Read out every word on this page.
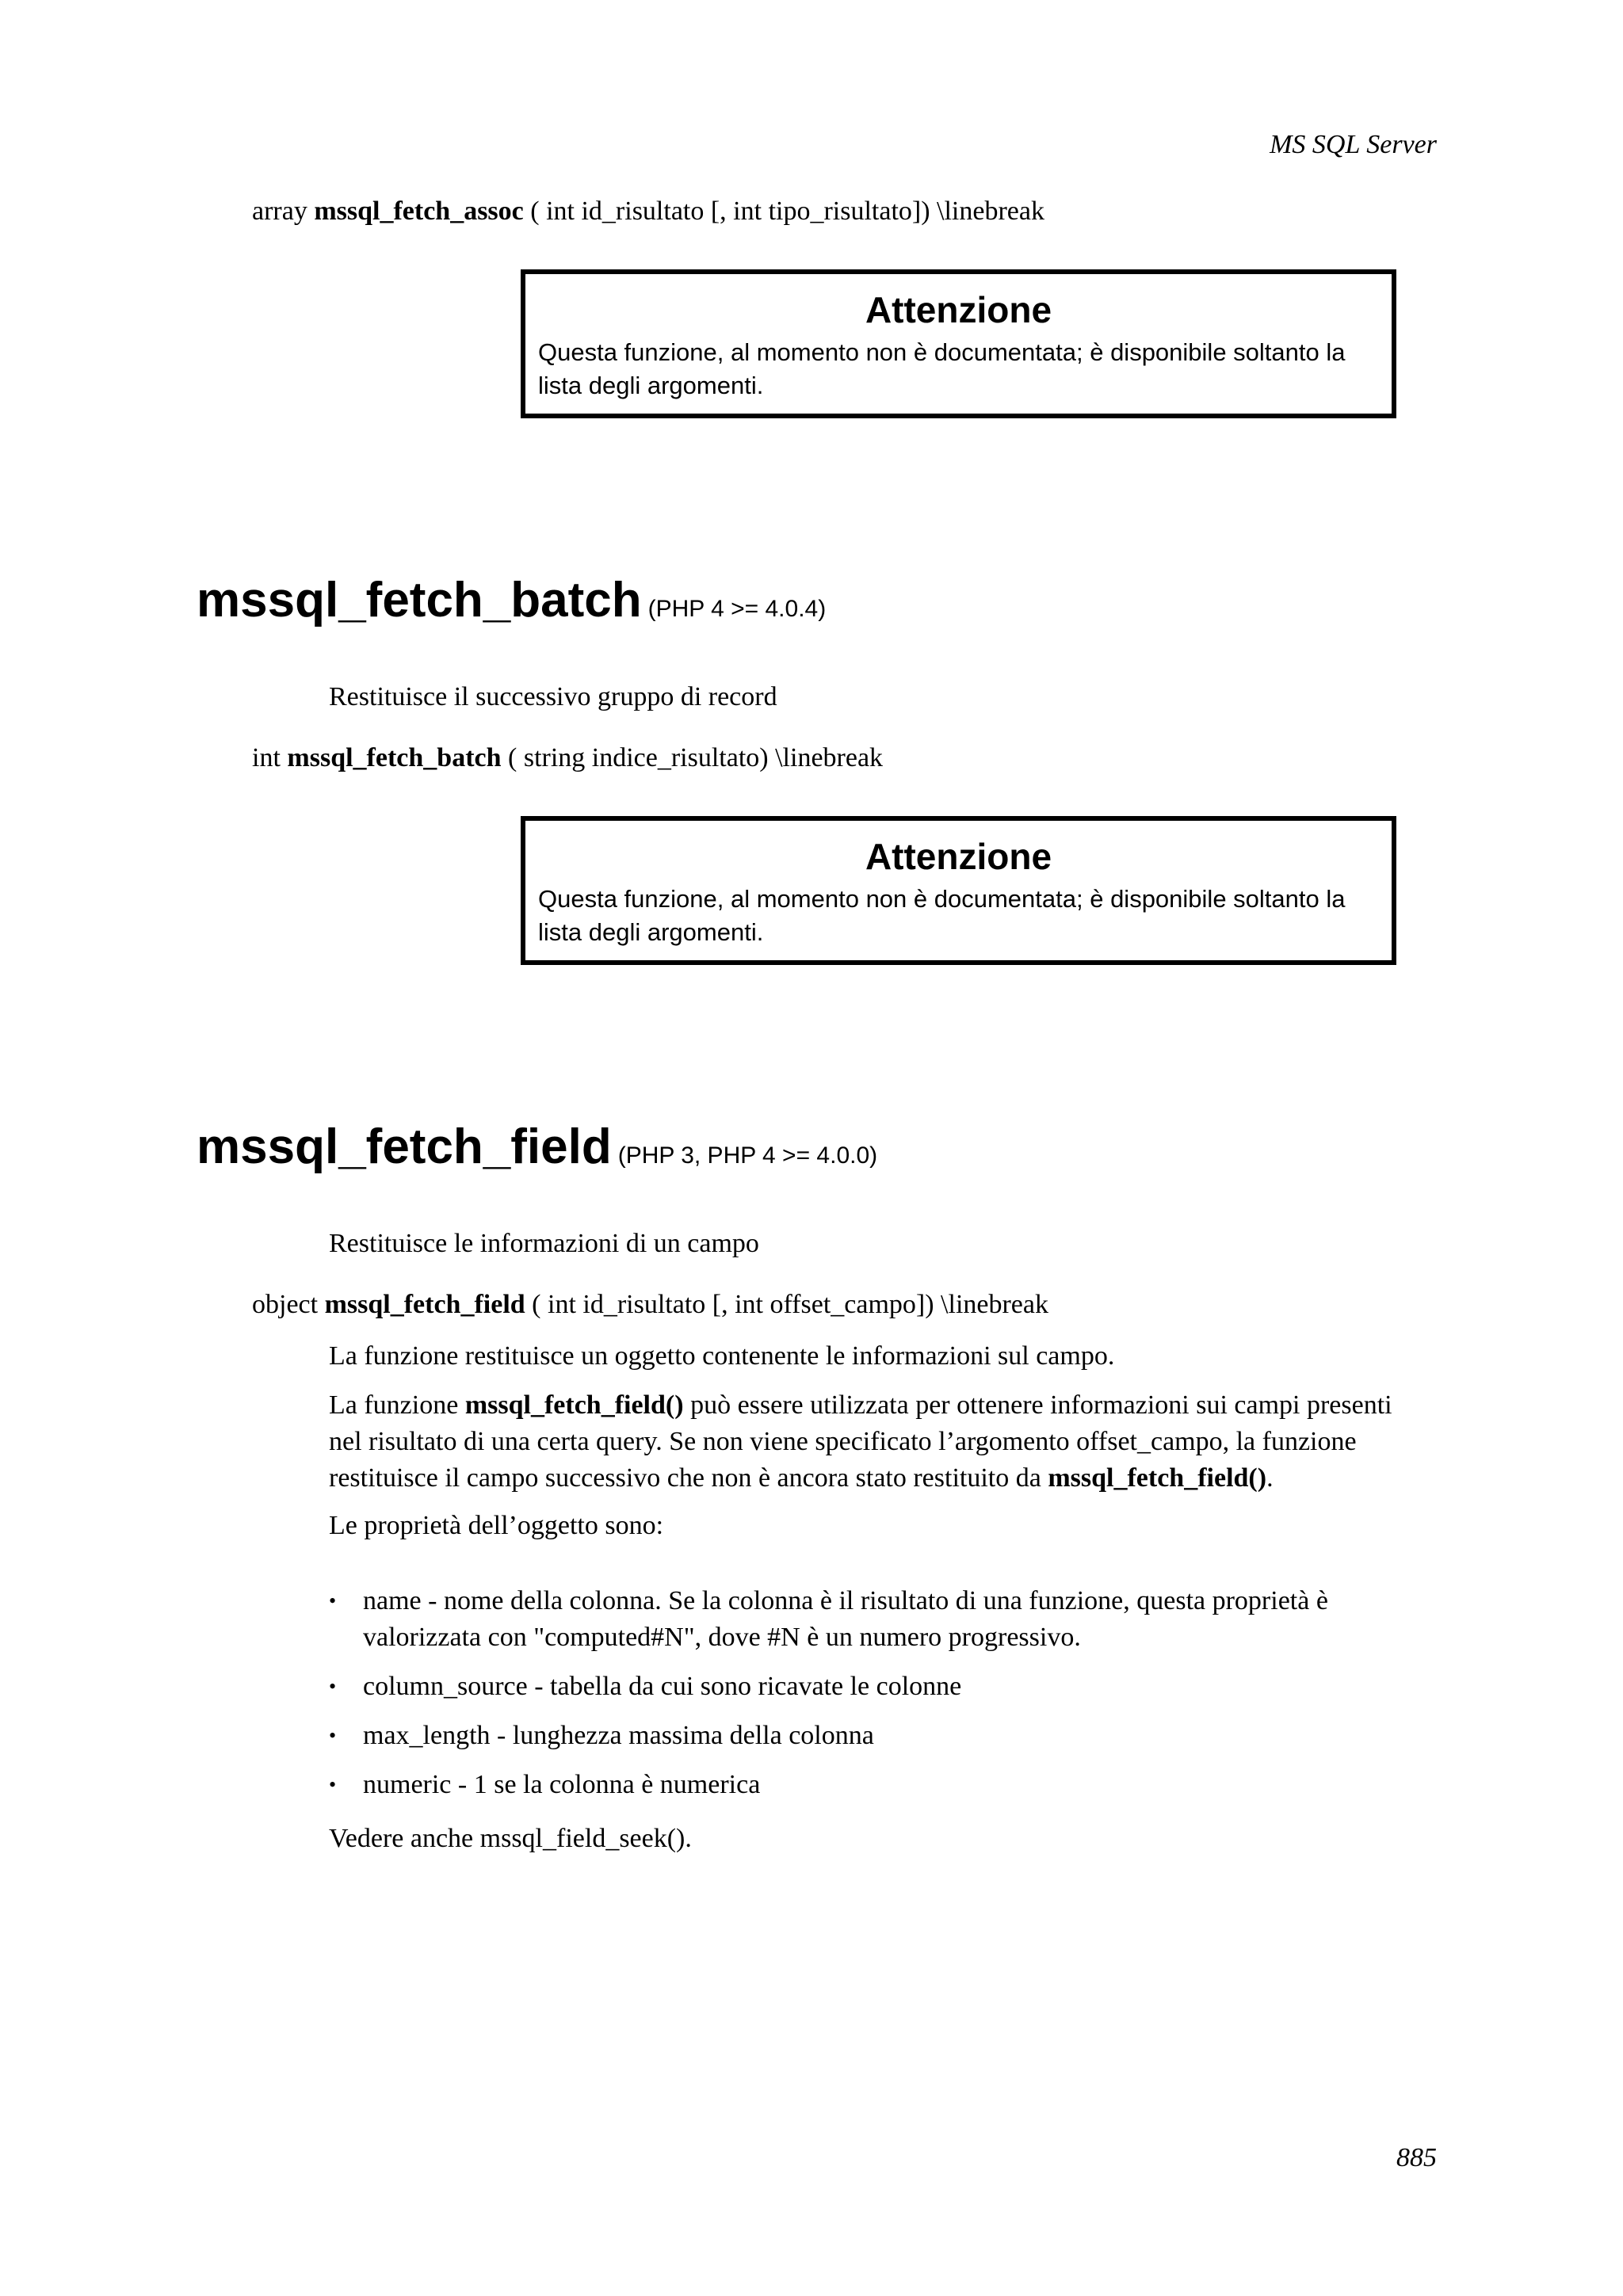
MS SQL Server
array mssql_fetch_assoc ( int id_risultato [, int tipo_risultato]) \linebreak
Attenzione
Questa funzione, al momento non è documentata; è disponibile soltanto la lista degli argomenti.
mssql_fetch_batch (PHP 4 >= 4.0.4)
Restituisce il successivo gruppo di record
int mssql_fetch_batch ( string indice_risultato) \linebreak
Attenzione
Questa funzione, al momento non è documentata; è disponibile soltanto la lista degli argomenti.
mssql_fetch_field (PHP 3, PHP 4 >= 4.0.0)
Restituisce le informazioni di un campo
object mssql_fetch_field ( int id_risultato [, int offset_campo]) \linebreak
La funzione restituisce un oggetto contenente le informazioni sul campo.
La funzione mssql_fetch_field() può essere utilizzata per ottenere informazioni sui campi presenti nel risultato di una certa query. Se non viene specificato l’argomento offset_campo, la funzione restituisce il campo successivo che non è ancora stato restituito da mssql_fetch_field().
Le proprietà dell’oggetto sono:
• name - nome della colonna. Se la colonna è il risultato di una funzione, questa proprietà è valorizzata con "computed#N", dove #N è un numero progressivo.
• column_source - tabella da cui sono ricavate le colonne
• max_length - lunghezza massima della colonna
• numeric - 1 se la colonna è numerica
Vedere anche mssql_field_seek().
885
